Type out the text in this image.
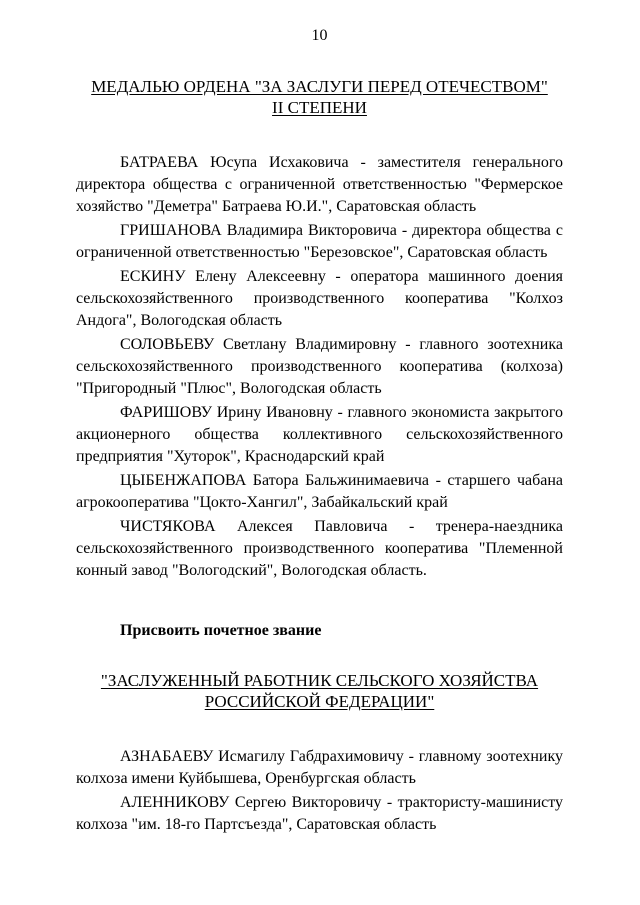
10

МЕДАЛЬЮ ОРДЕНА "ЗА ЗАСЛУГИ ПЕРЕД ОТЕЧЕСТВОМ"
II СТЕПЕНИ

БАТРАЕВА Юсупа Исхаковича - заместителя генерального директора общества с ограниченной ответственностью "Фермерское хозяйство "Деметра" Батраева Ю.И.", Саратовская область

ГРИШАНОВА Владимира Викторовича - директора общества с ограниченной ответственностью "Березовское", Саратовская область

ЕСКИНУ Елену Алексеевну - оператора машинного доения сельскохозяйственного производственного кооператива "Колхоз Андога", Вологодская область

СОЛОВЬЕВУ Светлану Владимировну - главного зоотехника сельскохозяйственного производственного кооператива (колхоза) "Пригородный "Плюс", Вологодская область

ФАРИШОВУ Ирину Ивановну - главного экономиста закрытого акционерного общества коллективного сельскохозяйственного предприятия "Хуторок", Краснодарский край

ЦЫБЕНЖАПОВА Батора Бальжинимаевича - старшего чабана агрокооператива "Цокто-Хангил", Забайкальский край

ЧИСТЯКОВА Алексея Павловича - тренера-наездника сельскохозяйственного производственного кооператива "Племенной конный завод "Вологодский", Вологодская область.

Присвоить почетное звание

"ЗАСЛУЖЕННЫЙ РАБОТНИК СЕЛЬСКОГО ХОЗЯЙСТВА
РОССИЙСКОЙ ФЕДЕРАЦИИ"

АЗНАБАЕВУ Исмагилу Габдрахимовичу - главному зоотехнику колхоза имени Куйбышева, Оренбургская область

АЛЕННИКОВУ Сергею Викторовичу - трактористу-машинисту колхоза "им. 18-го Партсъезда", Саратовская область
